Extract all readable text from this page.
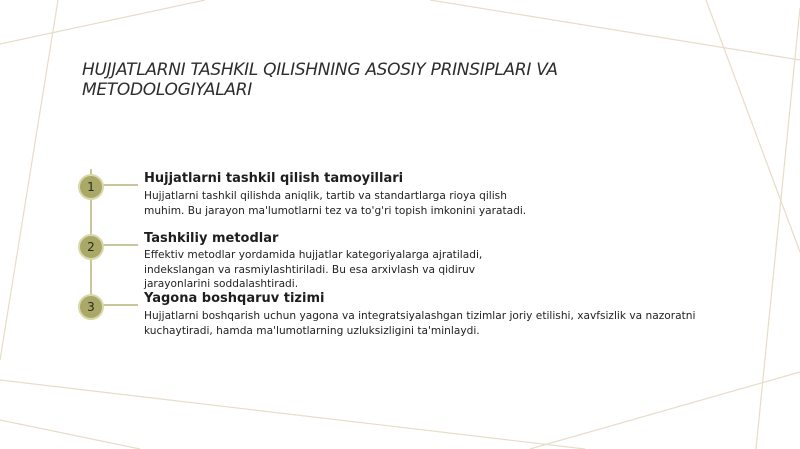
HUJJATLARNI TASHKIL QILISHNING ASOSIY PRINSIPLARI VA METODOLOGIYALARI
1
2
3
Hujjatlarni tashkil qilish tamoyillari

Hujjatlarni tashkil qilishda aniqlik, tartib va standartlarga rioya qilish muhim. Bu jarayon ma'lumotlarni tez va to'g'ri topish imkonini yaratadi.

Tashkiliy metodlar

Effektiv metodlar yordamida hujjatlar kategoriyalarga ajratiladi, indekslangan va rasmiylashtiriladi. Bu esa arxivlash va qidiruv jarayonlarini soddalashtiradi.

Yagona boshqaruv tizimi

Hujjatlarni boshqarish uchun yagona va integratsiyalashgan tizimlar joriy etilishi, xavfsizlik va nazoratni kuchaytiradi, hamda ma'lumotlarning uzluksizligini ta'minlaydi.
